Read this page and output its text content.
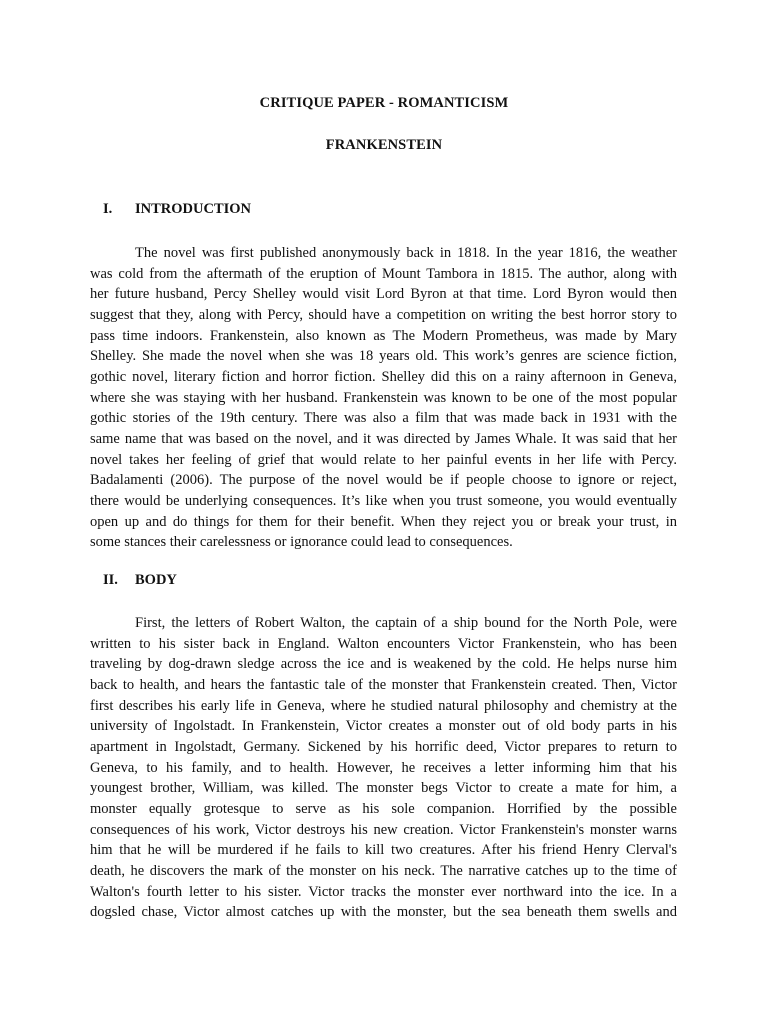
CRITIQUE PAPER - ROMANTICISM
FRANKENSTEIN
I. INTRODUCTION

The novel was first published anonymously back in 1818. In the year 1816, the weather
was cold from the aftermath of the eruption of Mount Tambora in 1815. The author, along with
her future husband, Percy Shelley would visit Lord Byron at that time. Lord Byron would then
suggest that they, along with Percy, should have a competition on writing the best horror story to
pass time indoors. Frankenstein, also known as The Modern Prometheus, was made by Mary
Shelley. She made the novel when she was 18 years old. This work’s genres are science fiction,
gothic novel, literary fiction and horror fiction. Shelley did this on a rainy afternoon in Geneva,
where she was staying with her husband. Frankenstein was known to be one of the most popular
gothic stories of the 19th century. There was also a film that was made back in 1931 with the
same name that was based on the novel, and it was directed by James Whale. It was said that her
novel takes her feeling of grief that would relate to her painful events in her life with Percy.
Badalamenti (2006). The purpose of the novel would be if people choose to ignore or reject,
there would be underlying consequences. It’s like when you trust someone, you would eventually
open up and do things for them for their benefit. When they reject you or break your trust, in
some stances their carelessness or ignorance could lead to consequences.

II. BODY

First, the letters of Robert Walton, the captain of a ship bound for the North Pole, were
written to his sister back in England. Walton encounters Victor Frankenstein, who has been
traveling by dog-drawn sledge across the ice and is weakened by the cold. He helps nurse him
back to health, and hears the fantastic tale of the monster that Frankenstein created. Then, Victor
first describes his early life in Geneva, where he studied natural philosophy and chemistry at the
university of Ingolstadt. In Frankenstein, Victor creates a monster out of old body parts in his
apartment in Ingolstadt, Germany. Sickened by his horrific deed, Victor prepares to return to
Geneva, to his family, and to health. However, he receives a letter informing him that his
youngest brother, William, was killed. The monster begs Victor to create a mate for him, a
monster equally grotesque to serve as his sole companion. Horrified by the possible
consequences of his work, Victor destroys his new creation. Victor Frankenstein's monster warns
him that he will be murdered if he fails to kill two creatures. After his friend Henry Clerval's
death, he discovers the mark of the monster on his neck. The narrative catches up to the time of
Walton's fourth letter to his sister. Victor tracks the monster ever northward into the ice. In a
dogsled chase, Victor almost catches up with the monster, but the sea beneath them swells and
